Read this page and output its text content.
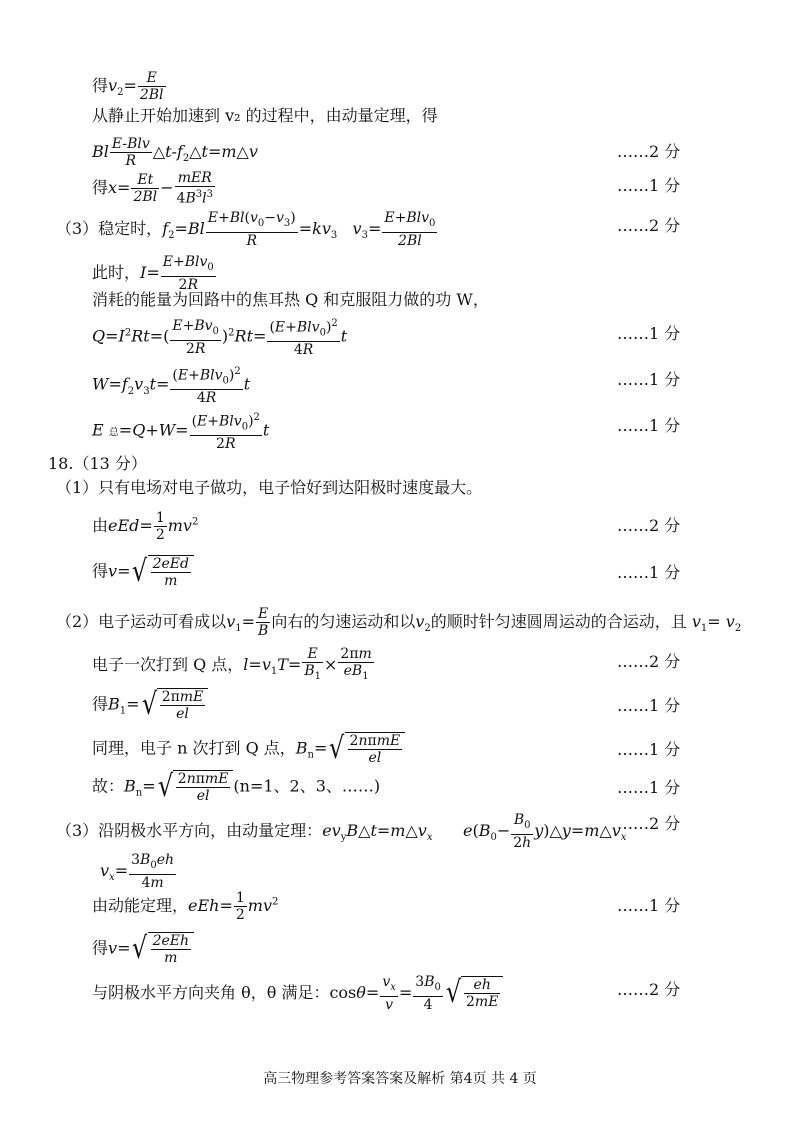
得$v_2= \frac{E}{2Bl}$
从静止开始加速到 v₂ 的过程中，由动量定理，得
Bl $\frac{\text{E-Blv}}{R}$ $\triangle t-f_2\triangle t=m\triangle v$	……2 分
得$x= \frac{Et}{2Bl} - \frac{\text{mER}}{4B^3l^3}$	……1 分
（3）稳定时，$f_2=Bl \frac{E+Bl(v_0-v_3)}{R} =kv_3$ $v_3= \frac{E+Blv_0}{2Bl}$	……2 分
此时，$I= \frac{E+Blv_0}{2R}$
消耗的能量为回路中的焦耳热 Q 和克服阻力做的功 W，
$Q=I^2Rt=( \frac{E+Bv_0}{2R} )^2Rt= \frac{(E+Blv_0)^2}{4R}$ t	……1 分
$W=f_2v_3t= \frac{(E+Blv_0)^2}{4R}$ t	……1 分
E 总$=Q+W= \frac{(E+Blv_0)^2}{2R}$ t	……1 分
18.（13 分）
（1）只有电场对电子做功，电子恰好到达阳极时速度最大。
由$eEd= \frac{1}{2} mv^2$	……2 分
得v= √ $\frac{\text{2eEd}}{m}$	……1 分
（2）电子运动可看成以$v_1= \frac{E}{B}$ 向右的匀速运动和以$v_2$的顺时针匀速圆周运动的合运动，且 $v_1= v_2$
电子一次打到 Q 点，$l=v_1T= \frac{E}{B_1} \times \frac{2\pi m}{eB_1}$	……2 分
得$B_1=$ √ $\frac{\text{2πmE}}{el}$	……1 分
同理，电子 n 次打到 Q 点，$B_n=$ √ $\frac{\text{2nπmE}}{el}$	……1 分
故：$B_n=$ √ $\frac{\text{2nπmE}}{el} (n=1$、2、3、……)	……1 分
（3）沿阴极水平方向，由动量定理：$ev_yB\triangle t=m\triangle v_x$ $e(B_0- \frac{B_0}{2h}$ $y)\triangle y=m\triangle v_x$
……2 分
$v_x= \frac{3B_0eh}{4m}$
由动能定理，$eEh= \frac{1}{2} mv^2$	……1 分
得v= √ $\frac{\text{2eEh}}{m}$
与阴极水平方向夹角 θ，θ 满足：$\cos\theta= \frac{v_x}{v} = \frac{3B_0}{4}$ √ $\frac{eh}{2mE}$	……2 分
高三物理参考答案答案及解析 第4页 共 4 页
